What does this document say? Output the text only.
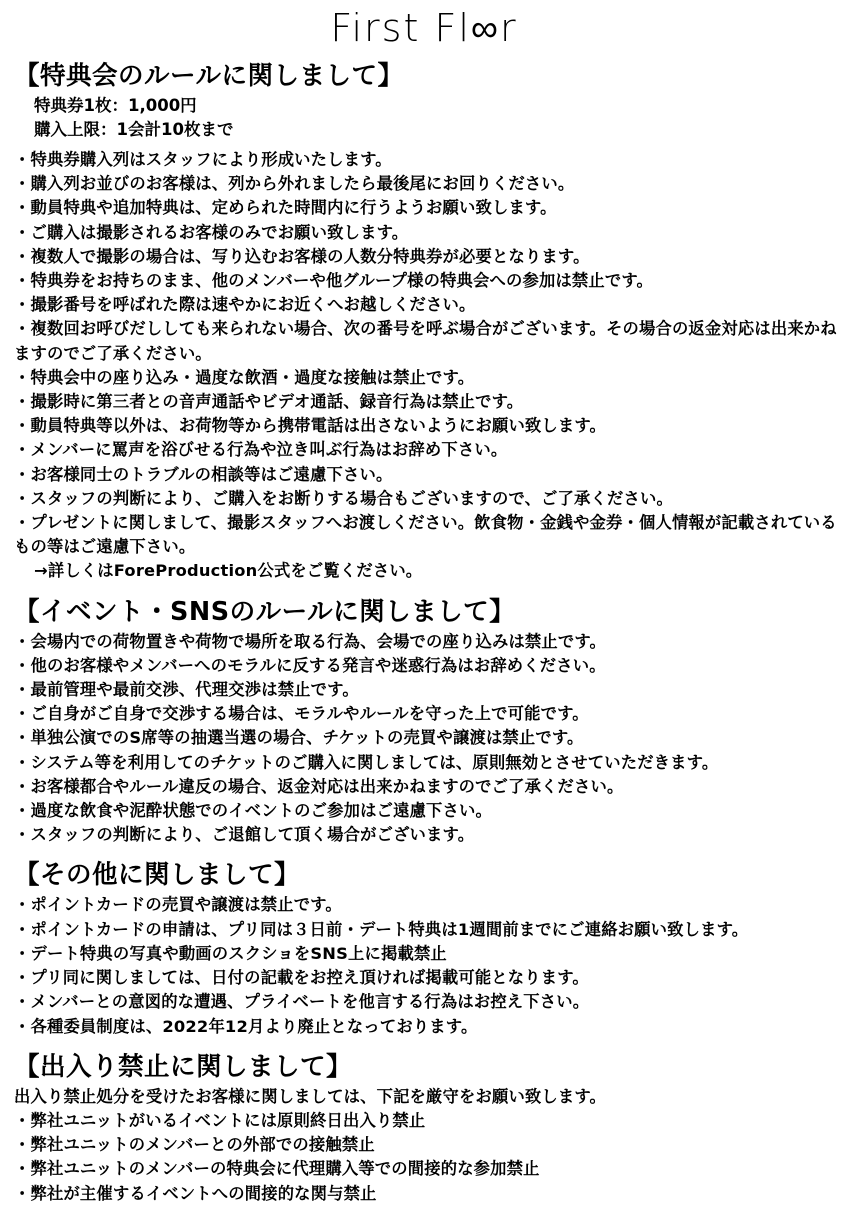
First Fl∞r
【特典会のルールに関しまして】
特典券1枚：1,000円
購入上限：1会計10枚まで
・特典券購入列はスタッフにより形成いたします。
・購入列お並びのお客様は、列から外れましたら最後尾にお回りください。
・動員特典や追加特典は、定められた時間内に行うようお願い致します。
・ご購入は撮影されるお客様のみでお願い致します。
・複数人で撮影の場合は、写り込むお客様の人数分特典券が必要となります。
・特典券をお持ちのまま、他のメンバーや他グループ様の特典会への参加は禁止です。
・撮影番号を呼ばれた際は速やかにお近くへお越しください。
・複数回お呼びだししても来られない場合、次の番号を呼ぶ場合がございます。その場合の返金対応は出来かねますのでご了承ください。
・特典会中の座り込み・過度な飲酒・過度な接触は禁止です。
・撮影時に第三者との音声通話やビデオ通話、録音行為は禁止です。
・動員特典等以外は、お荷物等から携帯電話は出さないようにお願い致します。
・メンバーに罵声を浴びせる行為や泣き叫ぶ行為はお辞め下さい。
・お客様同士のトラブルの相談等はご遠慮下さい。
・スタッフの判断により、ご購入をお断りする場合もございますので、ご了承ください。
・プレゼントに関しまして、撮影スタッフへお渡しください。飲食物・金銭や金券・個人情報が記載されているもの等はご遠慮下さい。
→詳しくはForeProduction公式をご覧ください。
【イベント・SNSのルールに関しまして】
・会場内での荷物置きや荷物で場所を取る行為、会場での座り込みは禁止です。
・他のお客様やメンバーへのモラルに反する発言や迷惑行為はお辞めください。
・最前管理や最前交渉、代理交渉は禁止です。
・ご自身がご自身で交渉する場合は、モラルやルールを守った上で可能です。
・単独公演でのS席等の抽選当選の場合、チケットの売買や譲渡は禁止です。
・システム等を利用してのチケットのご購入に関しましては、原則無効とさせていただきます。
・お客様都合やルール違反の場合、返金対応は出来かねますのでご了承ください。
・過度な飲食や泥酔状態でのイベントのご参加はご遠慮下さい。
・スタッフの判断により、ご退館して頂く場合がございます。
【その他に関しまして】
・ポイントカードの売買や譲渡は禁止です。
・ポイントカードの申請は、プリ同は３日前・デート特典は1週間前までにご連絡お願い致します。
・デート特典の写真や動画のスクショをSNS上に掲載禁止
・プリ同に関しましては、日付の記載をお控え頂ければ掲載可能となります。
・メンバーとの意図的な遭遇、プライベートを他言する行為はお控え下さい。
・各種委員制度は、2022年12月より廃止となっております。
【出入り禁止に関しまして】
出入り禁止処分を受けたお客様に関しましては、下記を厳守をお願い致します。
・弊社ユニットがいるイベントには原則終日出入り禁止
・弊社ユニットのメンバーとの外部での接触禁止
・弊社ユニットのメンバーの特典会に代理購入等での間接的な参加禁止
・弊社が主催するイベントへの間接的な関与禁止
